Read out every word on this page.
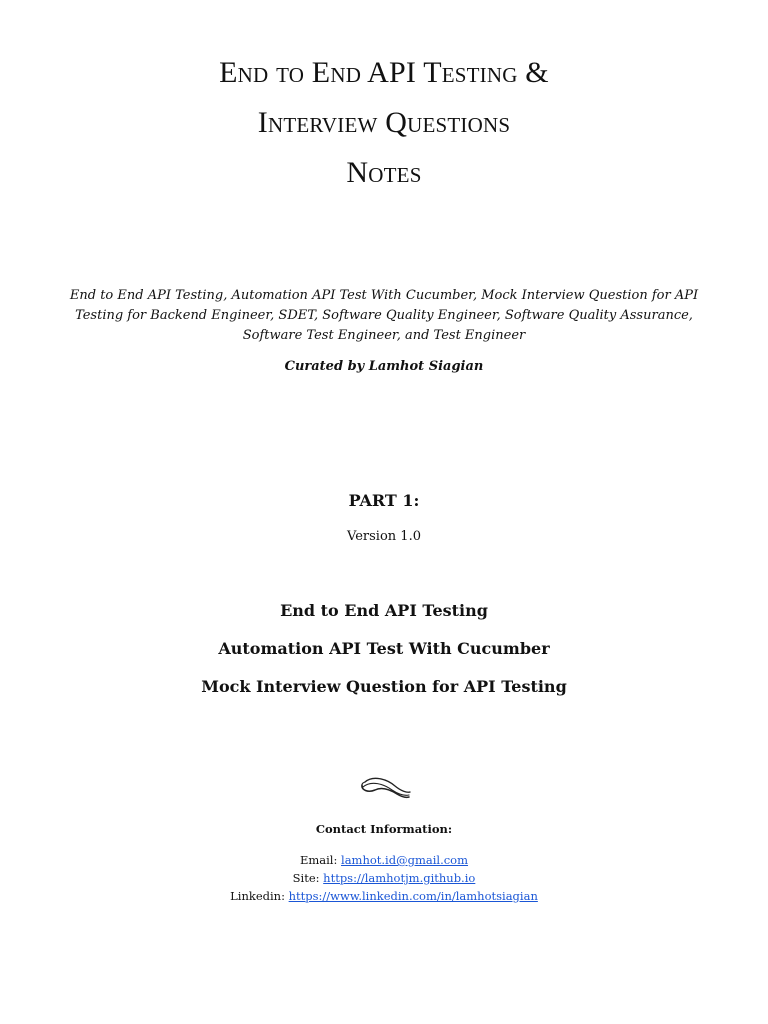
End to End API Testing &
Interview Questions
Notes
End to End API Testing, Automation API Test With Cucumber, Mock Interview Question for API Testing for Backend Engineer, SDET, Software Quality Engineer, Software Quality Assurance, Software Test Engineer, and Test Engineer
Curated by Lamhot Siagian
PART 1:
Version 1.0
End to End API Testing
Automation API Test With Cucumber
Mock Interview Question for API Testing
Contact Information:
Email: lamhot.id@gmail.com
Site: https://lamhotjm.github.io
Linkedin: https://www.linkedin.com/in/lamhotsiagian
